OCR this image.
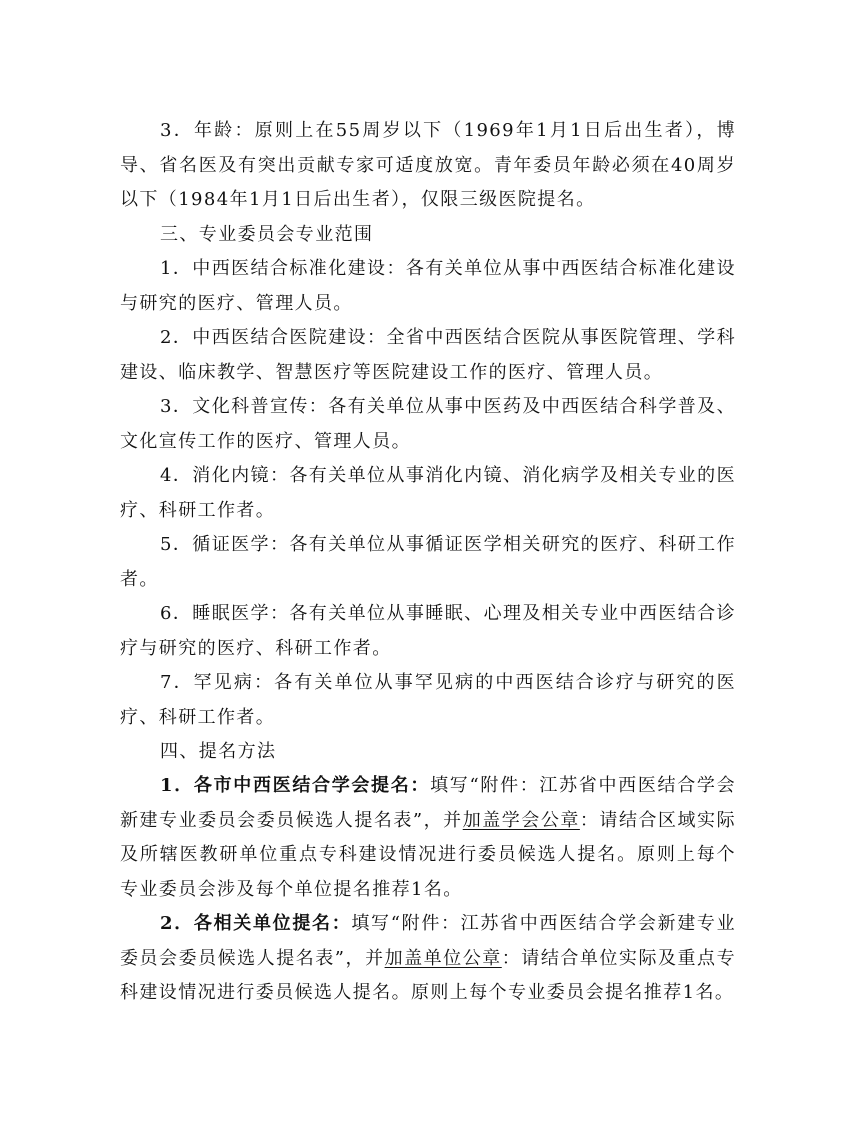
3．年龄：原则上在55周岁以下（1969年1月1日后出生者），博导、省名医及有突出贡献专家可适度放宽。青年委员年龄必须在40周岁以下（1984年1月1日后出生者），仅限三级医院提名。

三、专业委员会专业范围

1．中西医结合标准化建设：各有关单位从事中西医结合标准化建设与研究的医疗、管理人员。

2．中西医结合医院建设：全省中西医结合医院从事医院管理、学科建设、临床教学、智慧医疗等医院建设工作的医疗、管理人员。

3．文化科普宣传：各有关单位从事中医药及中西医结合科学普及、文化宣传工作的医疗、管理人员。

4．消化内镜：各有关单位从事消化内镜、消化病学及相关专业的医疗、科研工作者。

5．循证医学：各有关单位从事循证医学相关研究的医疗、科研工作者。

6．睡眠医学：各有关单位从事睡眠、心理及相关专业中西医结合诊疗与研究的医疗、科研工作者。

7．罕见病：各有关单位从事罕见病的中西医结合诊疗与研究的医疗、科研工作者。

四、提名方法

1．各市中西医结合学会提名：填写“附件：江苏省中西医结合学会新建专业委员会委员候选人提名表”，并加盖学会公章：请结合区域实际及所辖医教研单位重点专科建设情况进行委员候选人提名。原则上每个专业委员会涉及每个单位提名推荐1名。

2．各相关单位提名：填写“附件：江苏省中西医结合学会新建专业委员会委员候选人提名表”，并加盖单位公章：请结合单位实际及重点专科建设情况进行委员候选人提名。原则上每个专业委员会提名推荐1名。
